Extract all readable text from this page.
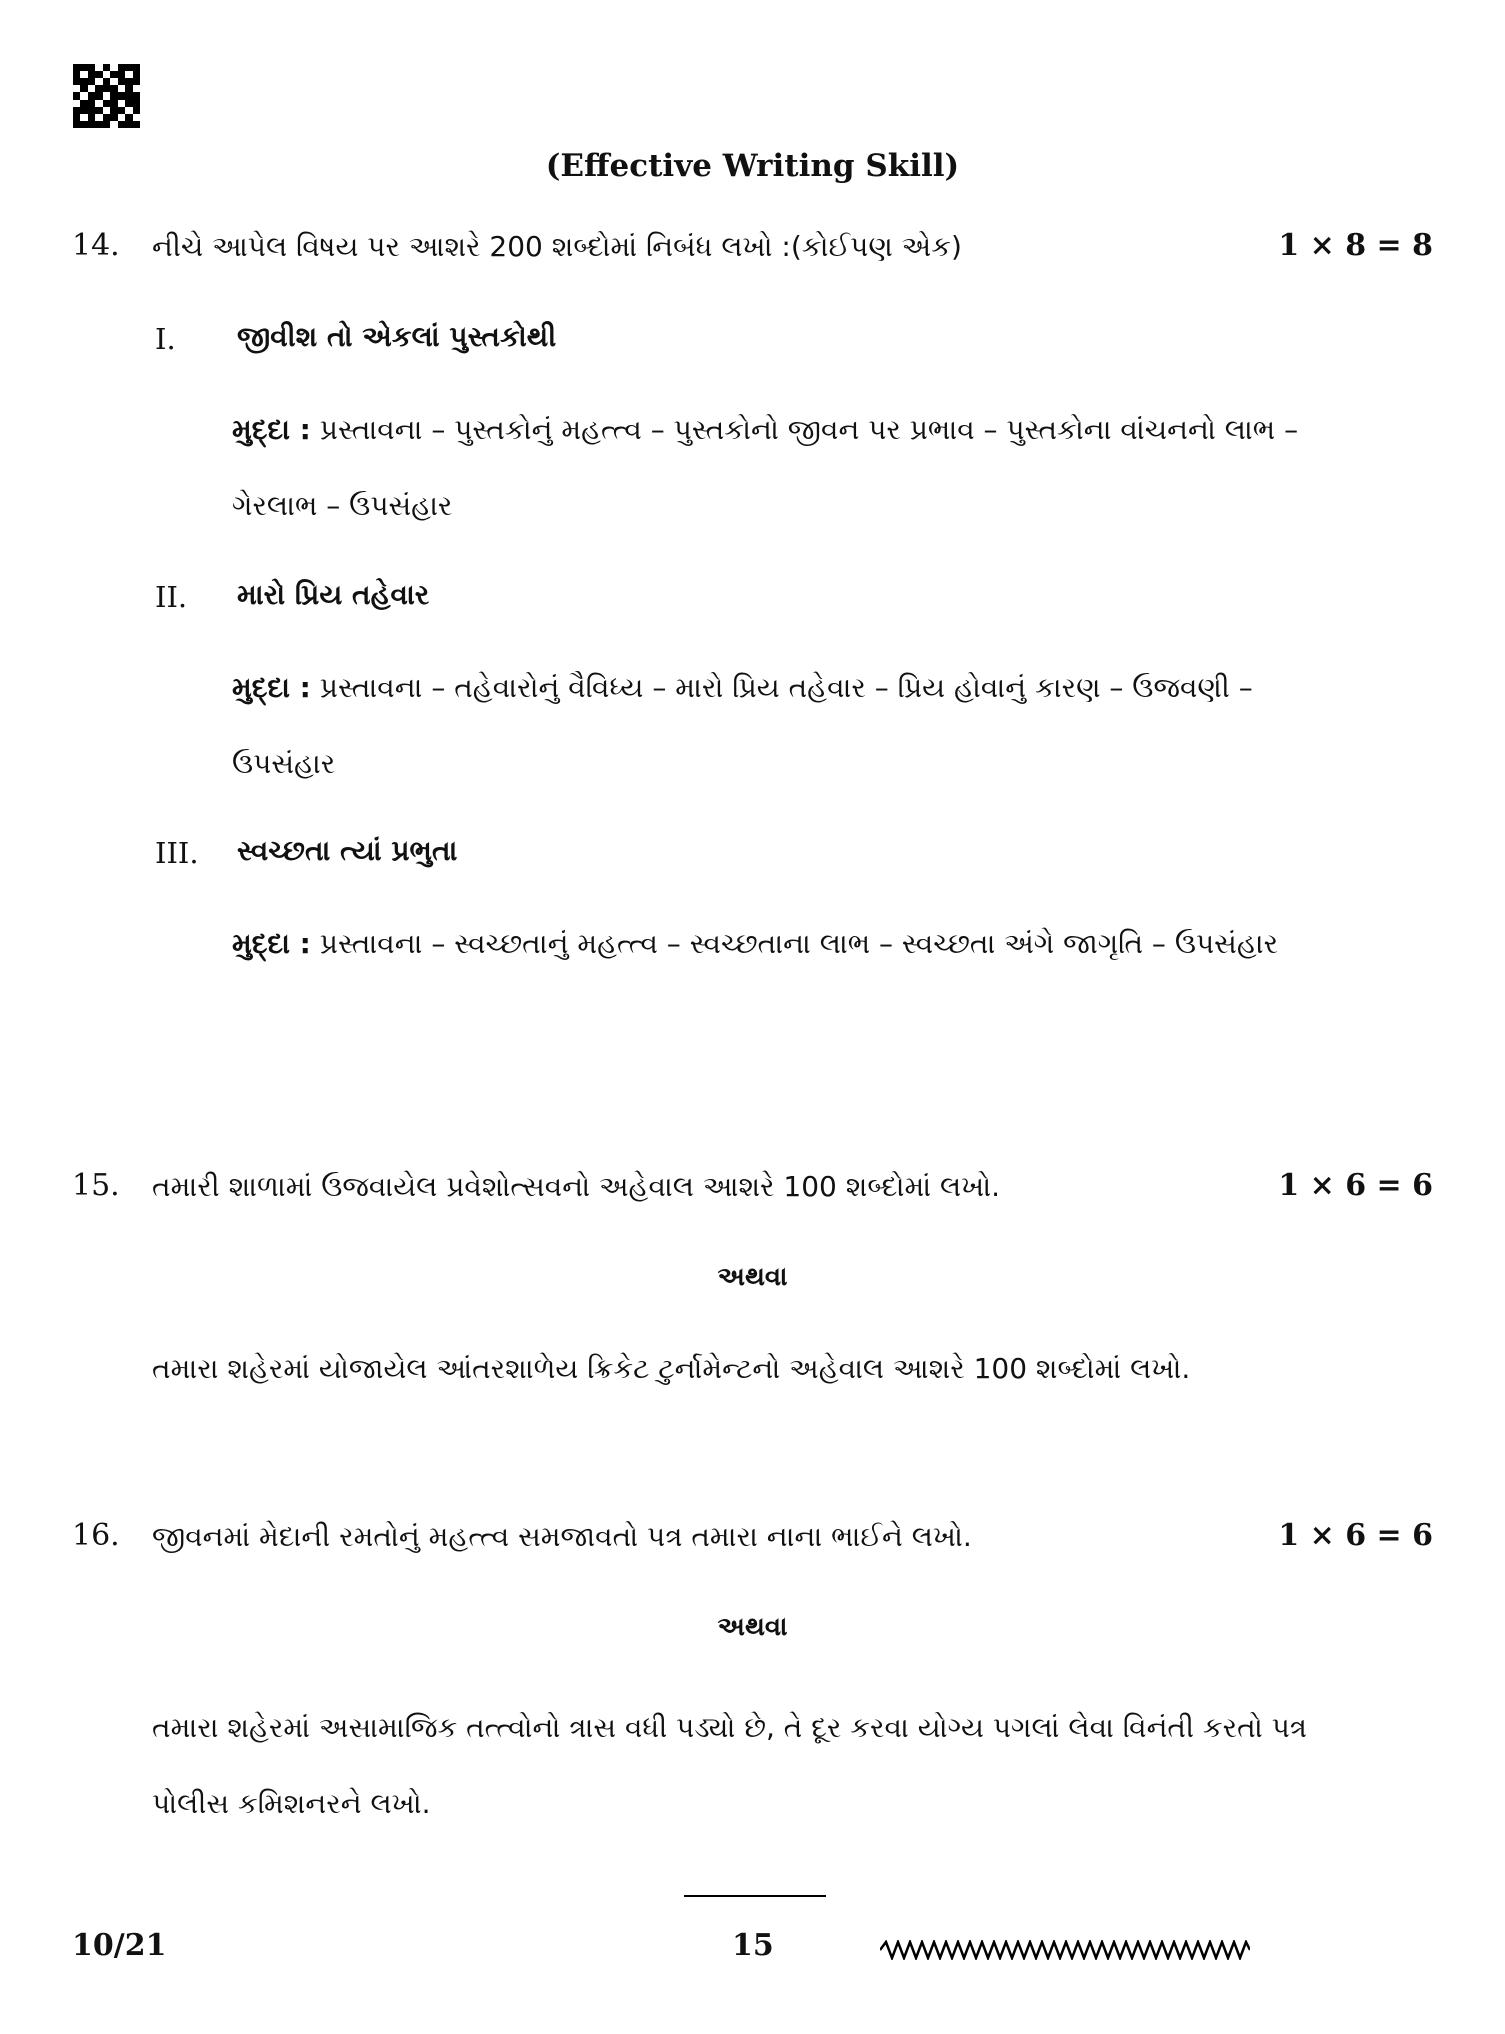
(Effective Writing Skill)
14. નીચે આપેલ વિષય પર આશરે 200 શબ્દોમાં નિબંધ લખો :(કોઈપણ એક)	1 × 8 = 8
I. જીવીશ તો એકલાં પુસ્તકોથી
મુદ્દા : પ્રસ્તાવના – પુસ્તકોનું મહત્ત્વ – પુસ્તકોનો જીવન પર પ્રભાવ – પુસ્તકોના વાંચનનો લાભ – ગેરલાભ – ઉપસંહાર
II. મારો પ્રિય તહેવાર
મુદ્દા : પ્રસ્તાવના – તહેવારોનું વૈવિધ્ય – મારો પ્રિય તહેવાર – પ્રિય હોવાનું કારણ – ઉજવણી – ઉપસંહાર
III. સ્વચ્છતા ત્યાં પ્રભુતા
મુદ્દા : પ્રસ્તાવના – સ્વચ્છતાનું મહત્ત્વ – સ્વચ્છતાના લાભ – સ્વચ્છતા અંગે જાગૃતિ – ઉપસંહાર
15. તમારી શાળામાં ઉજવાયેલ પ્રવેશોત્સવનો અહેવાલ આશરે 100 શબ્દોમાં લખો.	1 × 6 = 6
અથવા
તમારા શહેરમાં યોજાયેલ આંતરશાળેય ક્રિકેટ ટુર્નામેન્ટનો અહેવાલ આશરે 100 શબ્દોમાં લખો.
16. જીવનમાં મેદાની રમતોનું મહત્ત્વ સમજાવતો પત્ર તમારા નાના ભાઈને લખો.	1 × 6 = 6
અથવા
તમારા શહેરમાં અસામાજિક તત્ત્વોનો ત્રાસ વધી પડ્યો છે, તે દૂર કરવા યોગ્ય પગલાં લેવા વિનંતી કરતો પત્ર પોલીસ કમિશનરને લખો.
10/21	15
